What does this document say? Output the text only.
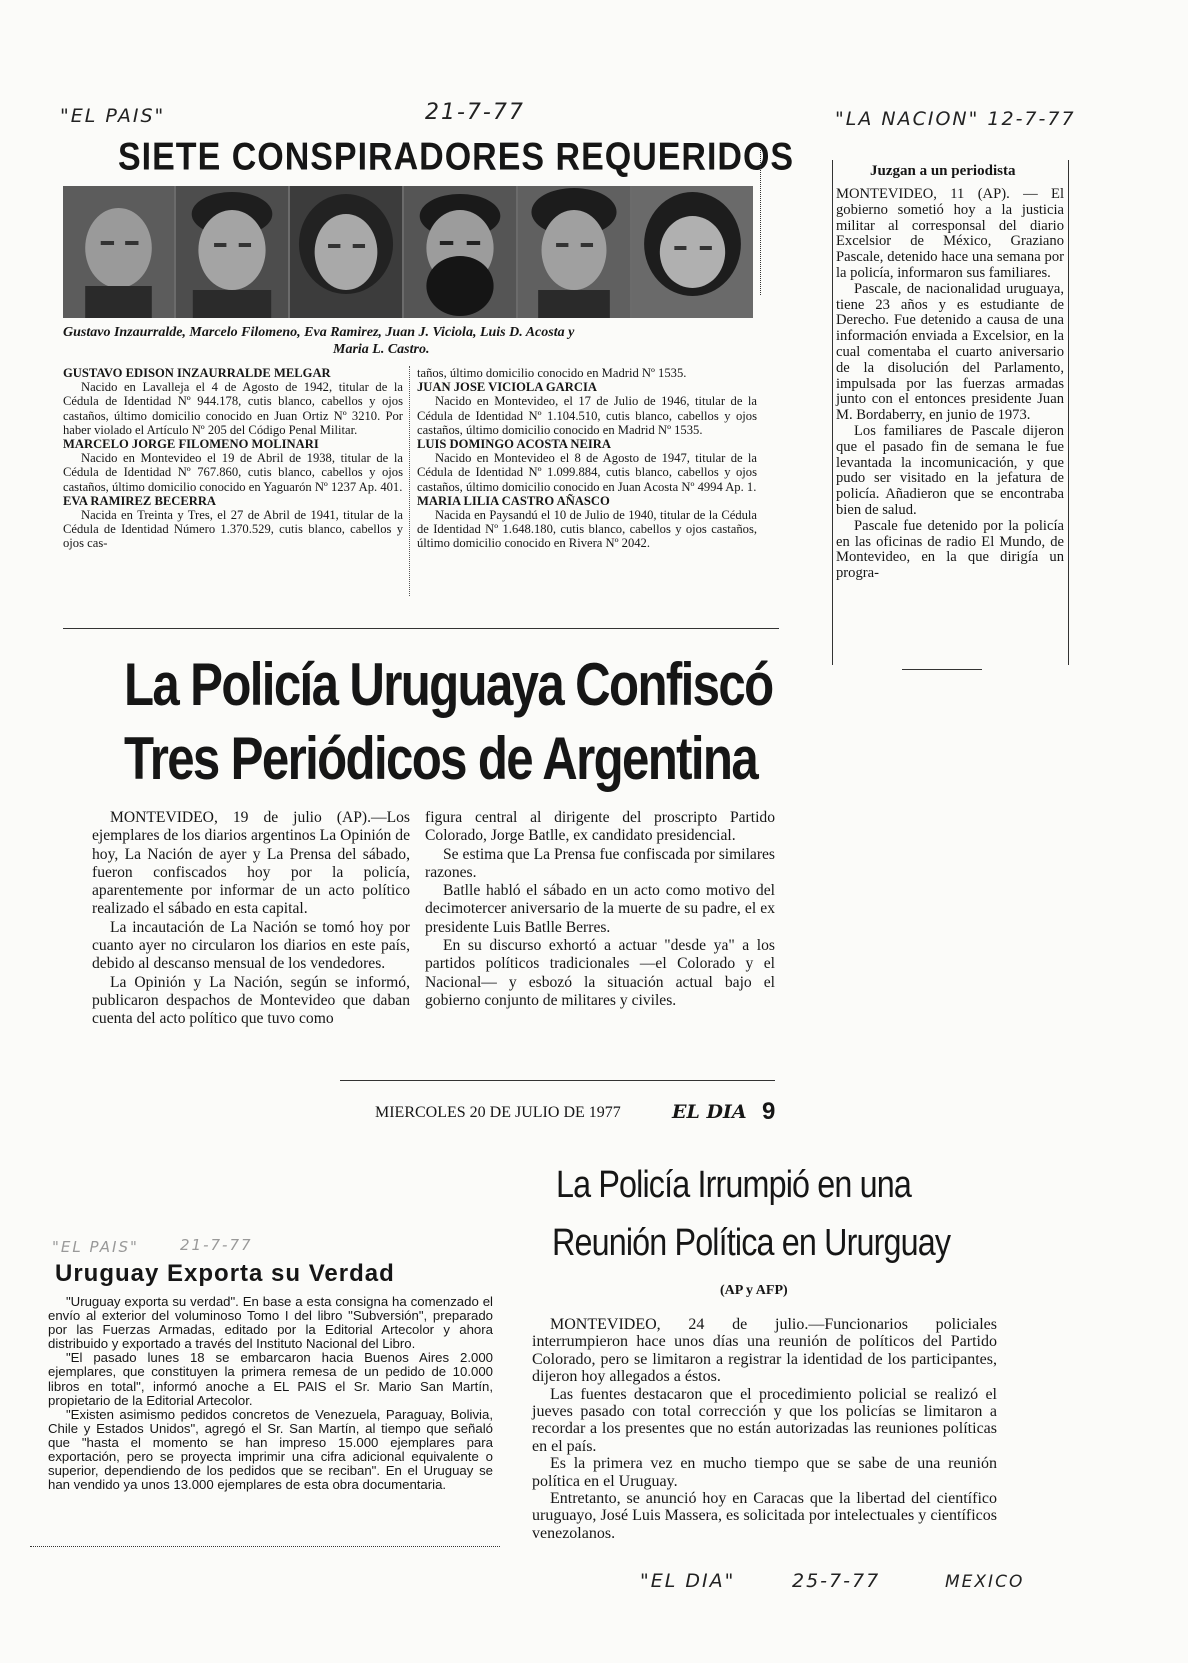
"EL PAIS"	21-7-77	"LA NACION" 12-7-77
SIETE CONSPIRADORES REQUERIDOS
Gustavo Inzaurralde, Marcelo Filomeno, Eva Ramirez, Juan J. Viciola, Luis D. Acosta y
Maria L. Castro.
GUSTAVO EDISON INZAURRALDE MELGAR

Nacido en Lavalleja el 4 de Agosto de 1942, titular de la Cédula de Identidad Nº 944.178, cutis blanco, cabellos y ojos castaños, último domicilio conocido en Juan Ortiz Nº 3210. Por haber violado el Artículo Nº 205 del Código Penal Militar.

MARCELO JORGE FILOMENO MOLINARI

Nacido en Montevideo el 19 de Abril de 1938, titular de la Cédula de Identidad Nº 767.860, cutis blanco, cabellos y ojos castaños, último domicilio conocido en Yaguarón Nº 1237 Ap. 401.

EVA RAMIREZ BECERRA

Nacida en Treinta y Tres, el 27 de Abril de 1941, titular de la Cédula de Identidad Número 1.370.529, cutis blanco, cabellos y ojos cas-

taños, último domicilio conocido en Madrid Nº 1535.
JUAN JOSE VICIOLA GARCIA

Nacido en Montevideo, el 17 de Julio de 1946, titular de la Cédula de Identidad Nº 1.104.510, cutis blanco, cabellos y ojos castaños, último domicilio conocido en Madrid Nº 1535.

LUIS DOMINGO ACOSTA NEIRA

Nacido en Montevideo el 8 de Agosto de 1947, titular de la Cédula de Identidad Nº 1.099.884, cutis blanco, cabellos y ojos castaños, último domicilio conocido en Juan Acosta Nº 4994 Ap. 1.

MARIA LILIA CASTRO AÑASCO

Nacida en Paysandú el 10 de Julio de 1940, titular de la Cédula de Identidad Nº 1.648.180, cutis blanco, cabellos y ojos castaños, último domicilio conocido en Rivera Nº 2042.

Juzgan a un periodista

MONTEVIDEO, 11 (AP). — El gobierno sometió hoy a la justicia militar al corresponsal del diario Excelsior de México, Graziano Pascale, detenido hace una semana por la policía, informaron sus familiares.

Pascale, de nacionalidad uruguaya, tiene 23 años y es estudiante de Derecho. Fue detenido a causa de una información enviada a Excelsior, en la cual comentaba el cuarto aniversario de la disolución del Parlamento, impulsada por las fuerzas armadas junto con el entonces presidente Juan M. Bordaberry, en junio de 1973.

Los familiares de Pascale dijeron que el pasado fin de semana le fue levantada la incomunicación, y que pudo ser visitado en la jefatura de policía. Añadieron que se encontraba bien de salud.

Pascale fue detenido por la policía en las oficinas de radio El Mundo, de Montevideo, en la que dirigía un progra-

La Policía Uruguaya Confiscó
Tres Periódicos de Argentina

MONTEVIDEO, 19 de julio (AP).—Los ejemplares de los diarios argentinos La Opinión de hoy, La Nación de ayer y La Prensa del sábado, fueron confiscados hoy por la policía, aparentemente por informar de un acto político realizado el sábado en esta capital.

La incautación de La Nación se tomó hoy por cuanto ayer no circularon los diarios en este país, debido al descanso mensual de los vendedores.

La Opinión y La Nación, según se informó, publicaron despachos de Montevideo que daban cuenta del acto político que tuvo como

figura central al dirigente del proscripto Partido Colorado, Jorge Batlle, ex candidato presidencial.

Se estima que La Prensa fue confiscada por similares razones.

Batlle habló el sábado en un acto como motivo del decimotercer aniversario de la muerte de su padre, el ex presidente Luis Batlle Berres.

En su discurso exhortó a actuar "desde ya" a los partidos políticos tradicionales —el Colorado y el Nacional— y esbozó la situación actual bajo el gobierno conjunto de militares y civiles.

MIERCOLES 20 DE JULIO DE 1977	EL DIA 9
"EL PAIS"	21-7-77
Uruguay Exporta su Verdad

"Uruguay exporta su verdad". En base a esta consigna ha comenzado el envío al exterior del voluminoso Tomo I del libro "Subversión", preparado por las Fuerzas Armadas, editado por la Editorial Artecolor y ahora distribuido y exportado a través del Instituto Nacional del Libro.

"El pasado lunes 18 se embarcaron hacia Buenos Aires 2.000 ejemplares, que constituyen la primera remesa de un pedido de 10.000 libros en total", informó anoche a EL PAIS el Sr. Mario San Martín, propietario de la Editorial Artecolor.

"Existen asimismo pedidos concretos de Venezuela, Paraguay, Bolivia, Chile y Estados Unidos", agregó el Sr. San Martín, al tiempo que señaló que "hasta el momento se han impreso 15.000 ejemplares para exportación, pero se proyecta imprimir una cifra adicional equivalente o superior, dependiendo de los pedidos que se reciban". En el Uruguay se han vendido ya unos 13.000 ejemplares de esta obra documentaria.

La Policía Irrumpió en una
Reunión Política en Ururguay
(AP y AFP)

MONTEVIDEO, 24 de julio.—Funcionarios policiales interrumpieron hace unos días una reunión de políticos del Partido Colorado, pero se limitaron a registrar la identidad de los participantes, dijeron hoy allegados a éstos.

Las fuentes destacaron que el procedimiento policial se realizó el jueves pasado con total corrección y que los policías se limitaron a recordar a los presentes que no están autorizadas las reuniones políticas en el país.

Es la primera vez en mucho tiempo que se sabe de una reunión política en el Uruguay.

Entretanto, se anunció hoy en Caracas que la libertad del científico uruguayo, José Luis Massera, es solicitada por intelectuales y científicos venezolanos.

"EL DIA"	25-7-77	MEXICO
